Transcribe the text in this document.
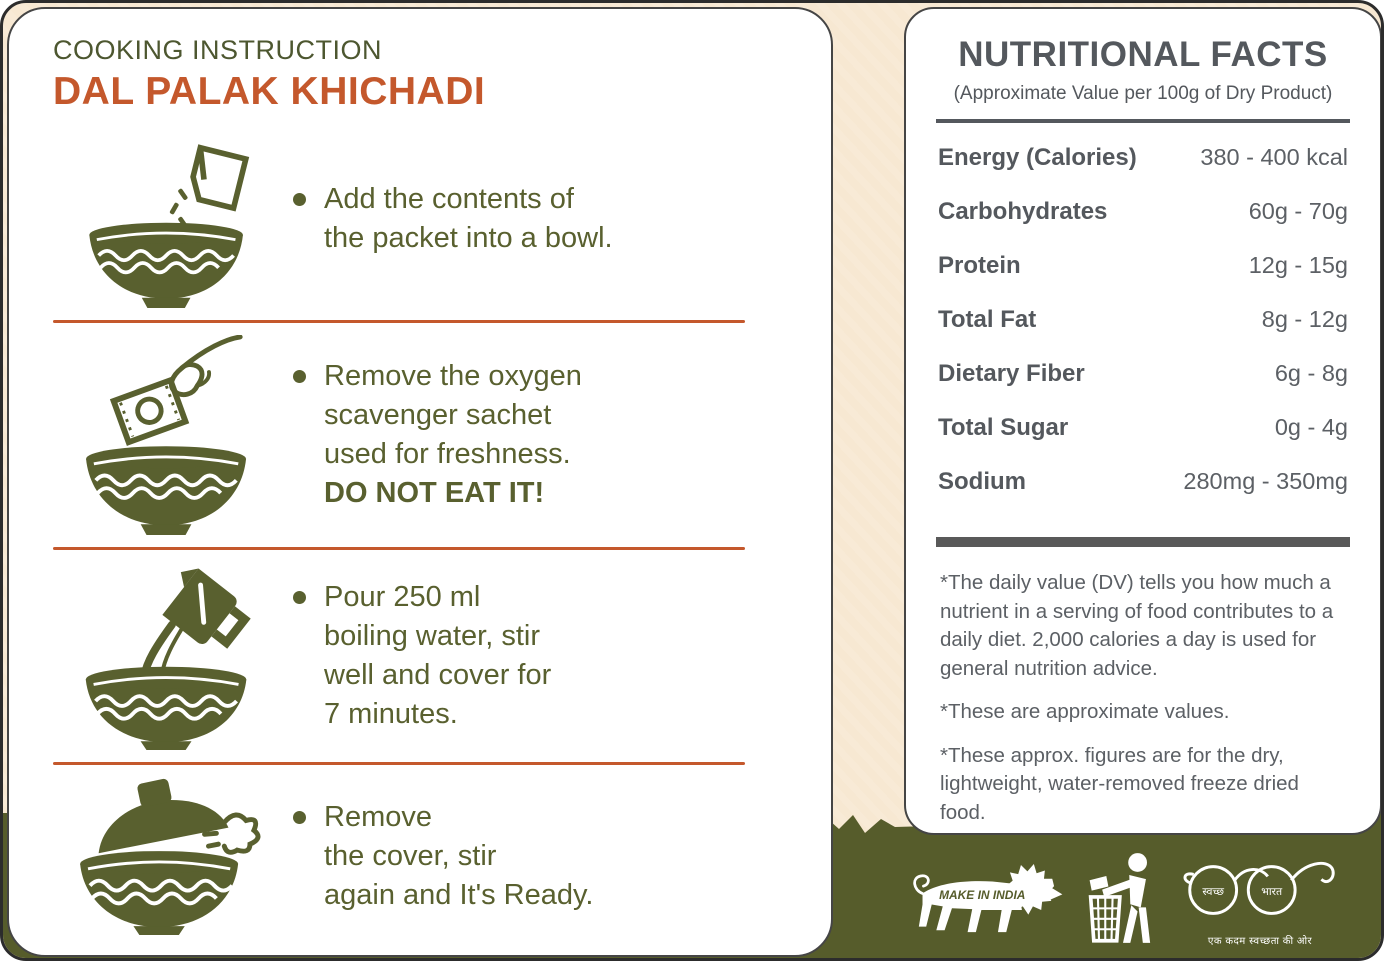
COOKING INSTRUCTION
DAL PALAK KHICHADI
Add the contents of
the packet into a bowl.
Remove the oxygen
scavenger sachet
used for freshness.
DO NOT EAT IT!
Pour 250 ml
boiling water, stir
well and cover for
7 minutes.
Remove
the cover, stir
again and It's Ready.
NUTRITIONAL FACTS
(Approximate Value per 100g of Dry Product)
Energy (Calories)	380 - 400 kcal
Carbohydrates	60g - 70g
Protein	12g - 15g
Total Fat	8g - 12g
Dietary Fiber	6g - 8g
Total Sugar	0g - 4g
Sodium	280mg - 350mg
*The daily value (DV) tells you how much a nutrient in a serving of food contributes to a daily diet. 2,000 calories a day is used for general nutrition advice.
*These are approximate values.
*These approx. figures are for the dry, lightweight, water-removed freeze dried food.
MAKE IN INDIA	स्वच्छ	भारत
एक कदम स्वच्छता की ओर
